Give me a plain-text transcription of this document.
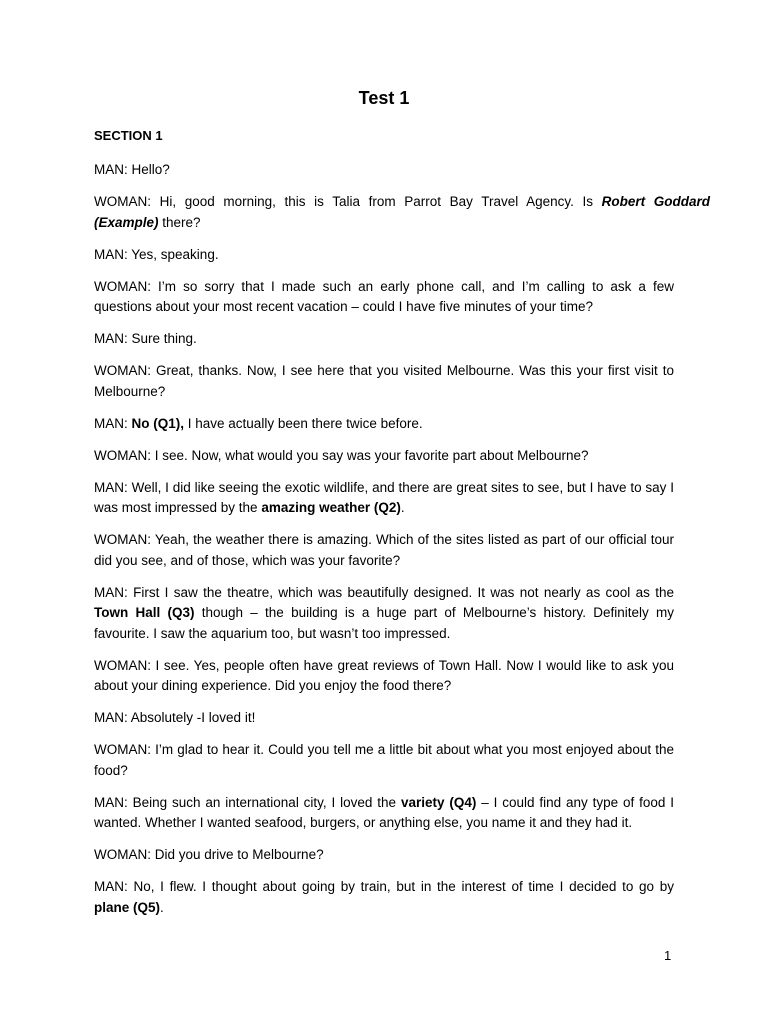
Test 1
SECTION 1

MAN: Hello?

WOMAN: Hi, good morning, this is Talia from Parrot Bay Travel Agency. Is Robert Goddard (Example) there?

MAN: Yes, speaking.

WOMAN: I’m so sorry that I made such an early phone call, and I’m calling to ask a few questions about your most recent vacation – could I have five minutes of your time?

MAN: Sure thing.

WOMAN: Great, thanks. Now, I see here that you visited Melbourne. Was this your first visit to Melbourne?

MAN: No (Q1), I have actually been there twice before.

WOMAN: I see. Now, what would you say was your favorite part about Melbourne?

MAN: Well, I did like seeing the exotic wildlife, and there are great sites to see, but I have to say I was most impressed by the amazing weather (Q2).

WOMAN: Yeah, the weather there is amazing. Which of the sites listed as part of our official tour did you see, and of those, which was your favorite?

MAN: First I saw the theatre, which was beautifully designed. It was not nearly as cool as the Town Hall (Q3) though – the building is a huge part of Melbourne’s history. Definitely my favourite. I saw the aquarium too, but wasn’t too impressed.

WOMAN: I see. Yes, people often have great reviews of Town Hall. Now I would like to ask you about your dining experience. Did you enjoy the food there?

MAN: Absolutely -I loved it!

WOMAN: I’m glad to hear it. Could you tell me a little bit about what you most enjoyed about the food?

MAN: Being such an international city, I loved the variety (Q4) – I could find any type of food I wanted. Whether I wanted seafood, burgers, or anything else, you name it and they had it.

WOMAN: Did you drive to Melbourne?

MAN: No, I flew. I thought about going by train, but in the interest of time I decided to go by plane (Q5).

1
